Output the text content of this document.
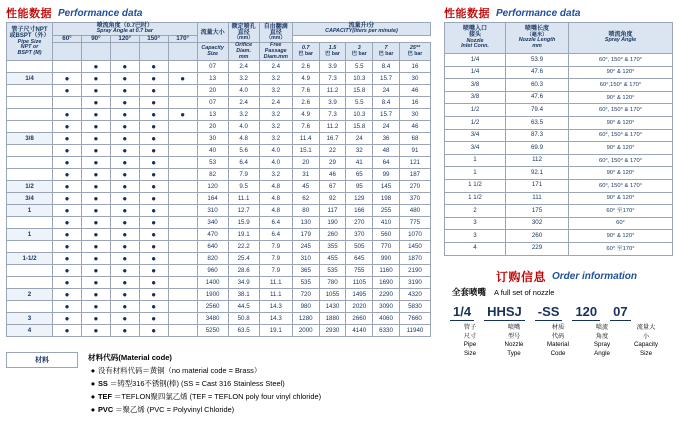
性能数据 Performance data	性能数据 Performance data
管子尺寸NPT
或BSPT（外）
Pipe Size
NPT or
BSPT (M)	喷流角度（0.7巴时）
Spray Angle at 0.7 bar					流量大小	额定喷孔
直径
（mm）	自由翻滴
直径
（mm）	流量升/分
CAPACITY(liters per minute)				

	60°	90°	120°	150°	170°								

						Capacity
Size	Orifice
Diam.
mm	Free
Passage
Diam.mm	0.7
巴 bar	1.5
巴 bar	3
巴 bar	7
巴 bar	25**
巴 bar

		●	●	●		07	2.4	2.4	2.6	3.9	5.5	8.4	16
1/4	●	●	●	●	●	13	3.2	3.2	4.9	7.3	10.3	15.7	30
	●	●	●	●		20	4.0	3.2	7.6	11.2	15.8	24	46
		●	●	●		07	2.4	2.4	2.6	3.9	5.5	8.4	16
	●	●	●	●	●	13	3.2	3.2	4.9	7.3	10.3	15.7	30
	●	●	●	●		20	4.0	3.2	7.6	11.2	15.8	24	46
3/8	●	●	●	●		30	4.8	3.2	11.4	16.7	24	36	68
	●	●	●	●		40	5.6	4.0	15.1	22	32	48	91
	●	●	●	●		53	6.4	4.0	20	29	41	64	121
	●	●	●	●		82	7.9	3.2	31	46	65	99	187
1/2	●	●	●	●		120	9.5	4.8	45	67	95	145	270
3/4	●	●	●	●		164	11.1	4.8	62	92	129	198	370
1	●	●	●	●		310	12.7	4.8	80	117	166	255	480
	●	●	●	●		340	15.9	6.4	130	190	270	410	775
1	●	●	●	●		470	19.1	6.4	179	260	370	560	1070
	●	●	●	●		640	22.2	7.9	245	355	505	770	1450
1-1/2	●	●	●	●		820	25.4	7.9	310	455	645	990	1870
	●	●	●	●		960	28.6	7.9	365	535	755	1160	2190
	●	●	●	●		1400	34.9	11.1	535	780	1105	1690	3190
2	●	●	●	●		1900	38.1	11.1	720	1055	1495	2290	4320
	●	●	●	●		2560	44.5	14.3	980	1430	2020	3090	5830
3	●	●	●	●		3480	50.8	14.3	1280	1880	2660	4060	7660
4	●	●	●	●		5250	63.5	19.1	2000	2930	4140	6330	11940
喷嘴入口
接头
Nozzle
Inlet Conn.	喷嘴长度
（毫米）
Nozzle Length
mm	喷流角度
Spray Angle

1/4	53.9	60°, 150° & 170°
1/4	47.6	90° & 120°
3/8	60.3	60°,150° & 170°
3/8	47.6	90° & 120°
1/2	79.4	60°, 150° & 170°
1/2	63.5	90° & 120°
3/4	87.3	60°, 150° & 170°
3/4	69.9	90° & 120°
1	112	60°, 150° & 170°
1	92.1	90° & 120°
1 1/2	171	60°, 150° & 170°
1 1/2	111	90° & 120°
2	175	60° 至170°
3	302	60°
3	260	90° & 120°
4	229	60° 至170°
材料	材料代码(Material code)
● 没有材料代码＝黄铜（no material code = Brass）
● SS ＝铸型316不锈钢(棒) (SS = Cast 316 Stainless Steel)
● TEF ＝TEFLON聚四氯乙烯 (TEF = TEFLON poly four vinyl chloride)
● PVC ＝聚乙烯 (PVC = Polyvinyl Chloride)
订购信息 Order information
全套喷嘴 A full set of nozzle
1/4 HHSJ -SS 120 07
管子
尺寸
Pipe
Size
喷嘴
型号
Nozzle
Type
材质
代码
Material
Code
喷流
角度
Spray
Angle
流量大
小
Capacity
Size
